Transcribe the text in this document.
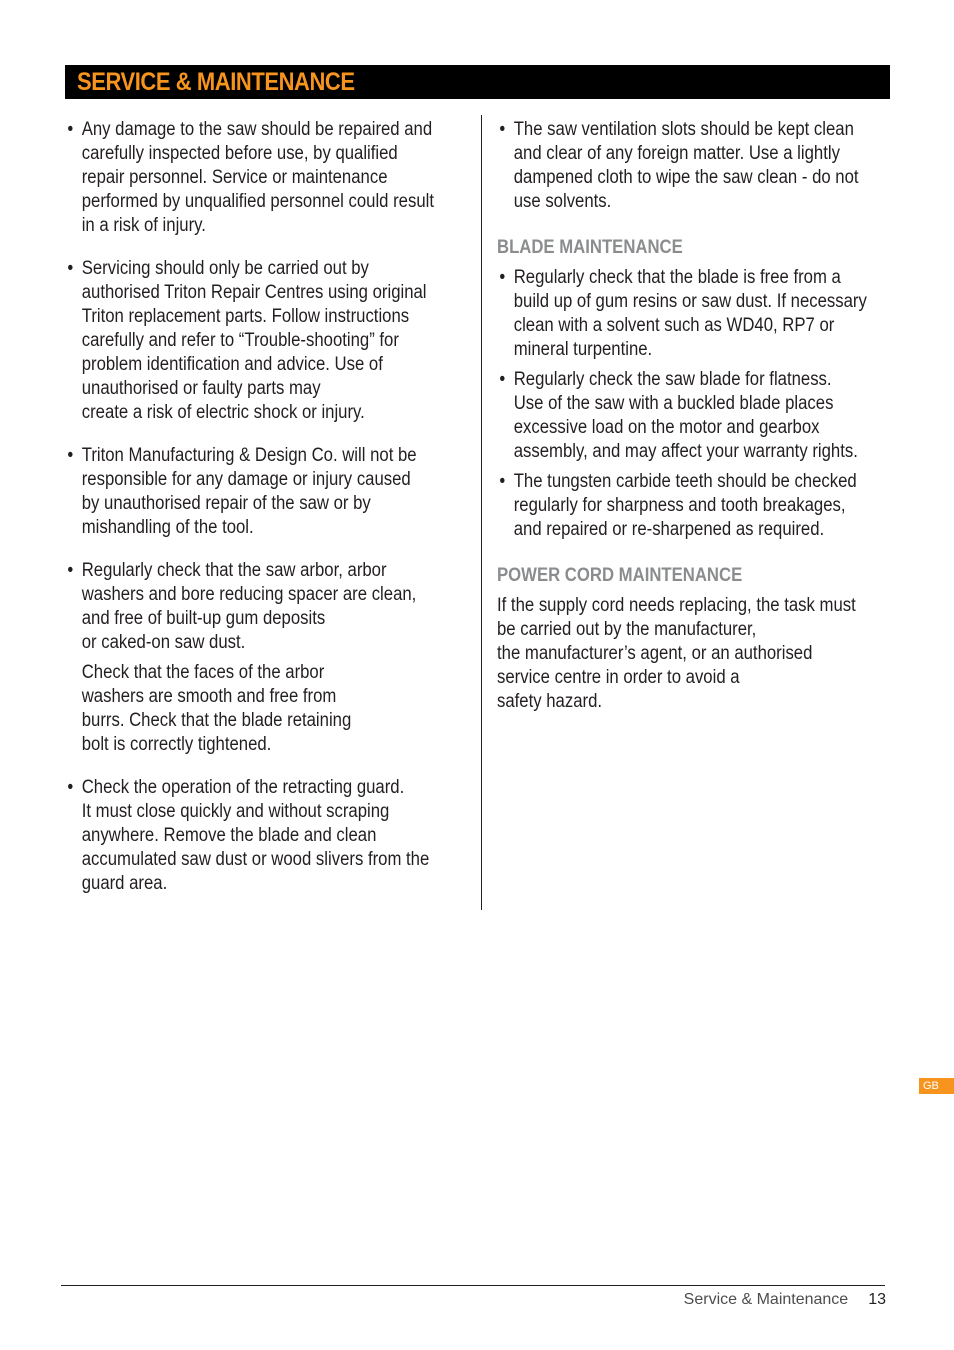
SERVICE & MAINTENANCE
• Any damage to the saw should be repaired and
carefully inspected before use, by qualified
repair personnel. Service or maintenance
performed by unqualified personnel could result
in a risk of injury.
• Servicing should only be carried out by
authorised Triton Repair Centres using original
Triton replacement parts. Follow instructions
carefully and refer to “Trouble-shooting” for
problem identification and advice. Use of
unauthorised or faulty parts may
create a risk of electric shock or injury.
• Triton Manufacturing & Design Co. will not be
responsible for any damage or injury caused
by unauthorised repair of the saw or by
mishandling of the tool.
• Regularly check that the saw arbor, arbor
washers and bore reducing spacer are clean,
and free of built-up gum deposits
or caked-on saw dust.
Check that the faces of the arbor
washers are smooth and free from
burrs. Check that the blade retaining
bolt is correctly tightened.
• Check the operation of the retracting guard.
It must close quickly and without scraping
anywhere. Remove the blade and clean
accumulated saw dust or wood slivers from the
guard area.
• The saw ventilation slots should be kept clean
and clear of any foreign matter. Use a lightly
dampened cloth to wipe the saw clean - do not
use solvents.
BLADE MAINTENANCE
• Regularly check that the blade is free from a
build up of gum resins or saw dust. If necessary
clean with a solvent such as WD40, RP7 or
mineral turpentine.
• Regularly check the saw blade for flatness.
Use of the saw with a buckled blade places
excessive load on the motor and gearbox
assembly, and may affect your warranty rights.
• The tungsten carbide teeth should be checked
regularly for sharpness and tooth breakages,
and repaired or re-sharpened as required.
POWER CORD MAINTENANCE
If the supply cord needs replacing, the task must
be carried out by the manufacturer,
the manufacturer’s agent, or an authorised
service centre in order to avoid a
safety hazard.
GB
Service & Maintenance 13
